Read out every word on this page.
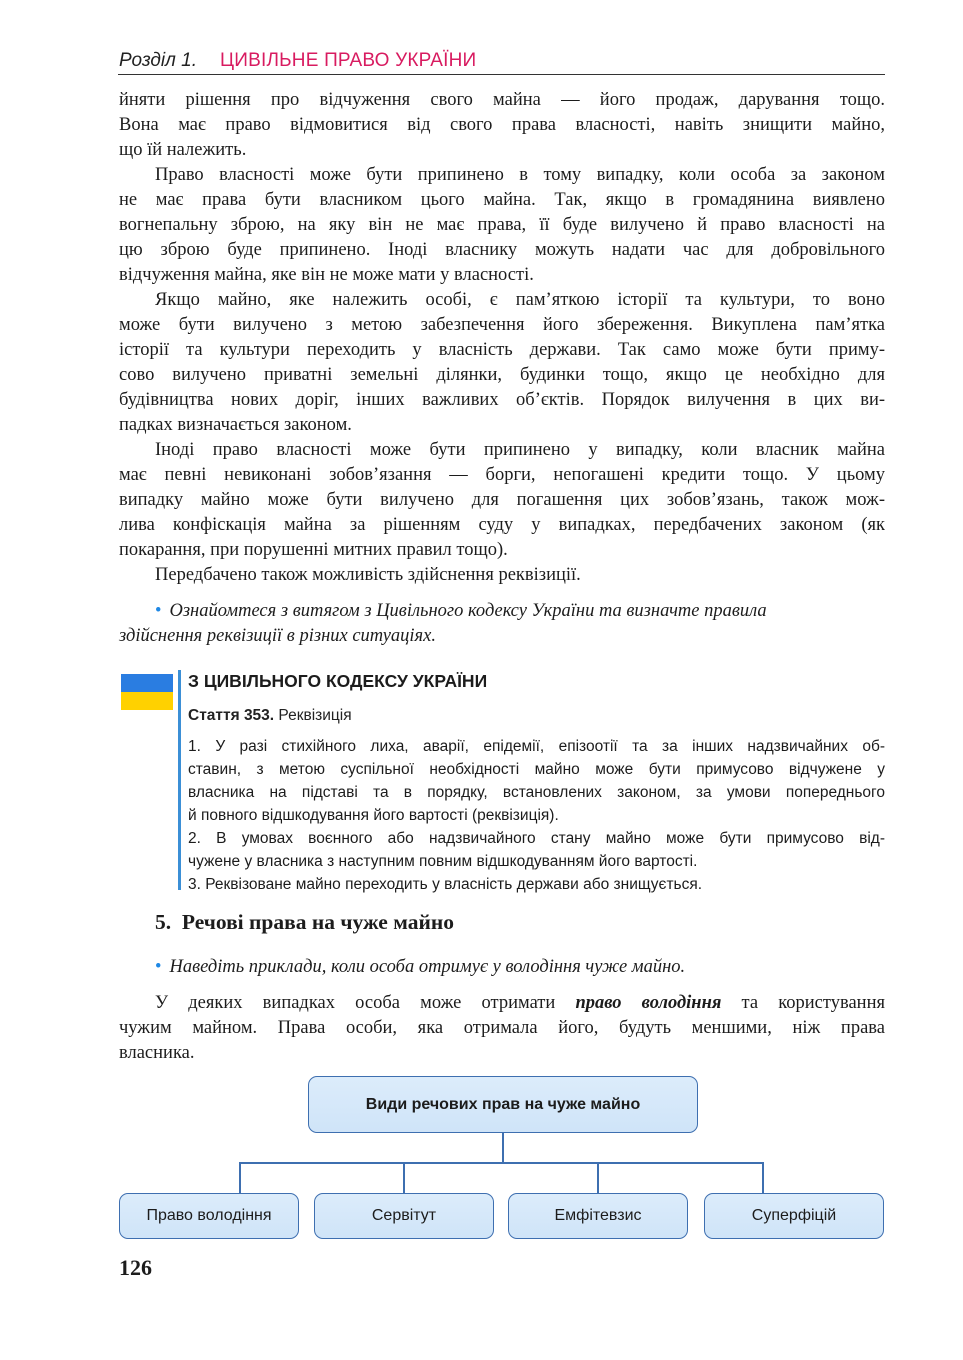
Розділ 1. ЦИВІЛЬНЕ ПРАВО УКРАЇНИ
йняти рішення про відчуження свого майна — його продаж, дарування тощо.
Вона має право відмовитися від свого права власності, навіть знищити майно,
що їй належить.
Право власності може бути припинено в тому випадку, коли особа за законом
не має права бути власником цього майна. Так, якщо в громадянина виявлено
вогнепальну зброю, на яку він не має права, її буде вилучено й право власності на
цю зброю буде припинено. Іноді власнику можуть надати час для добровільного
відчуження майна, яке він не може мати у власності.
Якщо майно, яке належить особі, є пам’яткою історії та культури, то воно
може бути вилучено з метою забезпечення його збереження. Викуплена пам’ятка
історії та культури переходить у власність держави. Так само може бути приму-
сово вилучено приватні земельні ділянки, будинки тощо, якщо це необхідно для
будівництва нових доріг, інших важливих об’єктів. Порядок вилучення в цих ви-
падках визначається законом.
Іноді право власності може бути припинено у випадку, коли власник майна
має певні невиконані зобов’язання — борги, непогашені кредити тощо. У цьому
випадку майно може бути вилучено для погашення цих зобов’язань, також мож-
лива конфіскація майна за рішенням суду у випадках, передбачених законом (як
покарання, при порушенні митних правил тощо).
Передбачено також можливість здійснення реквізиції.
• Ознайомтеся з витягом з Цивільного кодексу України та визначте правила
здійснення реквізиції в різних ситуаціях.
З ЦИВІЛЬНОГО КОДЕКСУ УКРАЇНИ
Стаття 353. Реквізиція
1. У разі стихійного лиха, аварії, епідемії, епізоотії та за інших надзвичайних об-
ставин, з метою суспільної необхідності майно може бути примусово відчужене у
власника на підставі та в порядку, встановлених законом, за умови попереднього
й повного відшкодування його вартості (реквізиція).
2. В умовах воєнного або надзвичайного стану майно може бути примусово від-
чужене у власника з наступним повним відшкодуванням його вартості.
3. Реквізоване майно переходить у власність держави або знищується.
5. Речові права на чуже майно
• Наведіть приклади, коли особа отримує у володіння чуже майно.
У деяких випадках особа може отримати право володіння та користування
чужим майном. Права особи, яка отримала його, будуть меншими, ніж права
власника.
Види речових прав на чуже майно
Право володіння	Сервітут	Емфітевзис	Суперфіцій
126
